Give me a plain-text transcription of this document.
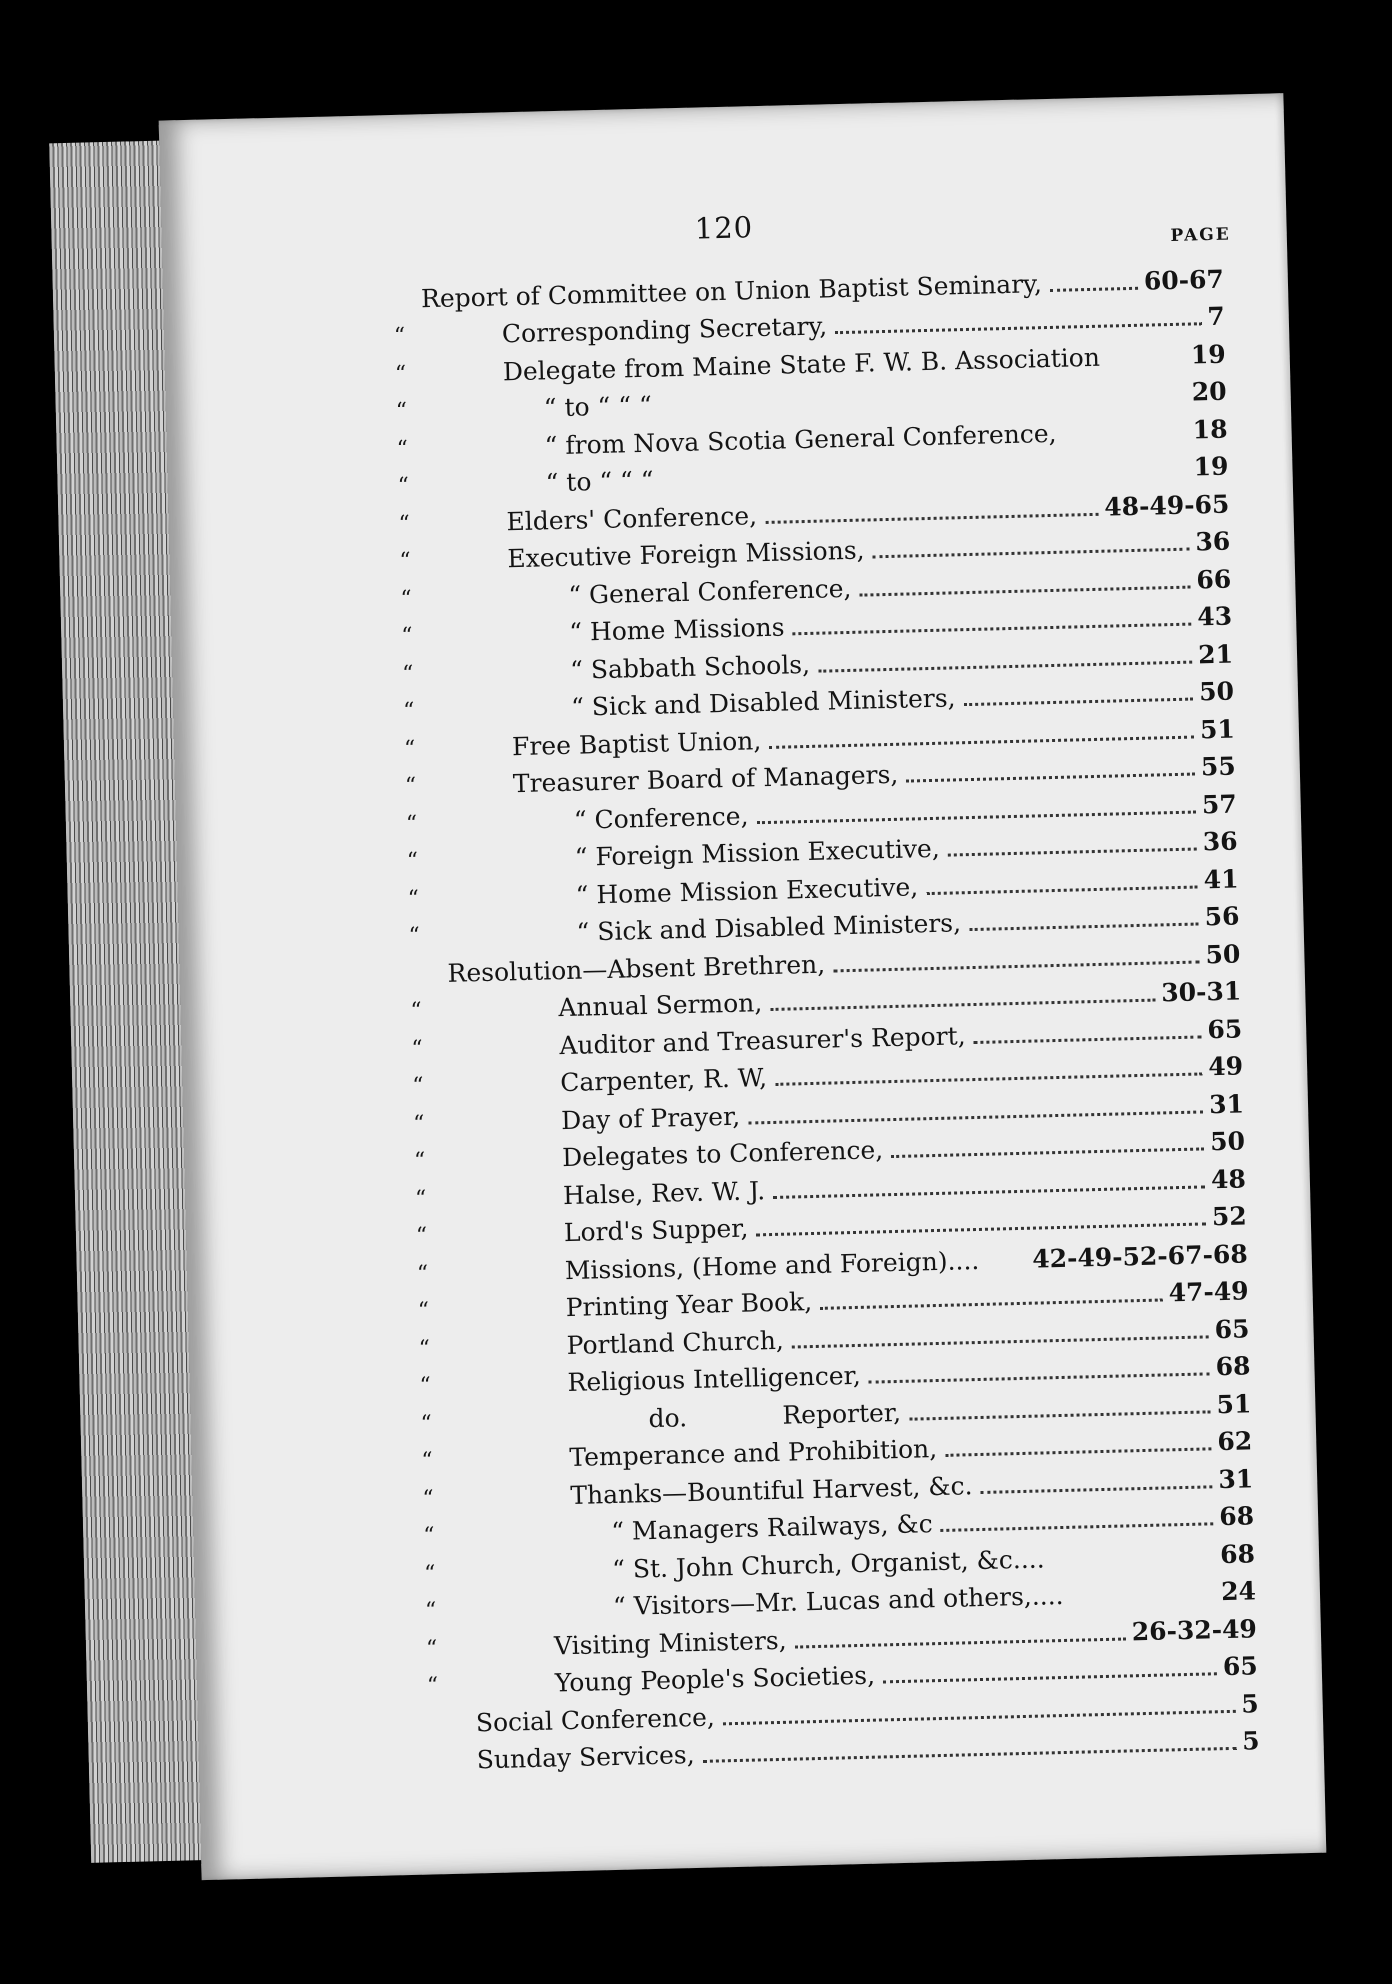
120	PAGE
Report of Committee on Union Baptist Seminary,	60-67
“	Corresponding Secretary,	7
“	Delegate from Maine State F. W. B. Association	19
“	“ to “ “ “	20
“	“ from Nova Scotia General Conference,	18
“	“ to “ “ “	19
“	Elders' Conference,	48-49-65
“	Executive Foreign Missions,	36
“	“ General Conference,	66
“	“ Home Missions	43
“	“ Sabbath Schools,	21
“	“ Sick and Disabled Ministers,	50
“	Free Baptist Union,	51
“	Treasurer Board of Managers,	55
“	“ Conference,	57
“	“ Foreign Mission Executive,	36
“	“ Home Mission Executive,	41
“	“ Sick and Disabled Ministers,	56
Resolution—Absent Brethren,	50
“	Annual Sermon,	30-31
“	Auditor and Treasurer's Report,	65
“	Carpenter, R. W,	49
“	Day of Prayer,	31
“	Delegates to Conference,	50
“	Halse, Rev. W. J.	48
“	Lord's Supper,	52
“	Missions, (Home and Foreign).... 42-49-52-67-68
“	Printing Year Book,	47-49
“	Portland Church,	65
“	Religious Intelligencer,	68
“	do.            Reporter,	51
“	Temperance and Prohibition,	62
“	Thanks—Bountiful Harvest, &c.	31
“	“ Managers Railways, &c	68
“	“ St. John Church, Organist, &c....	68
“	“ Visitors—Mr. Lucas and others,....	24
“	Visiting Ministers,	26-32-49
“	Young People's Societies,	65
Social Conference,	5
Sunday Services,	5
